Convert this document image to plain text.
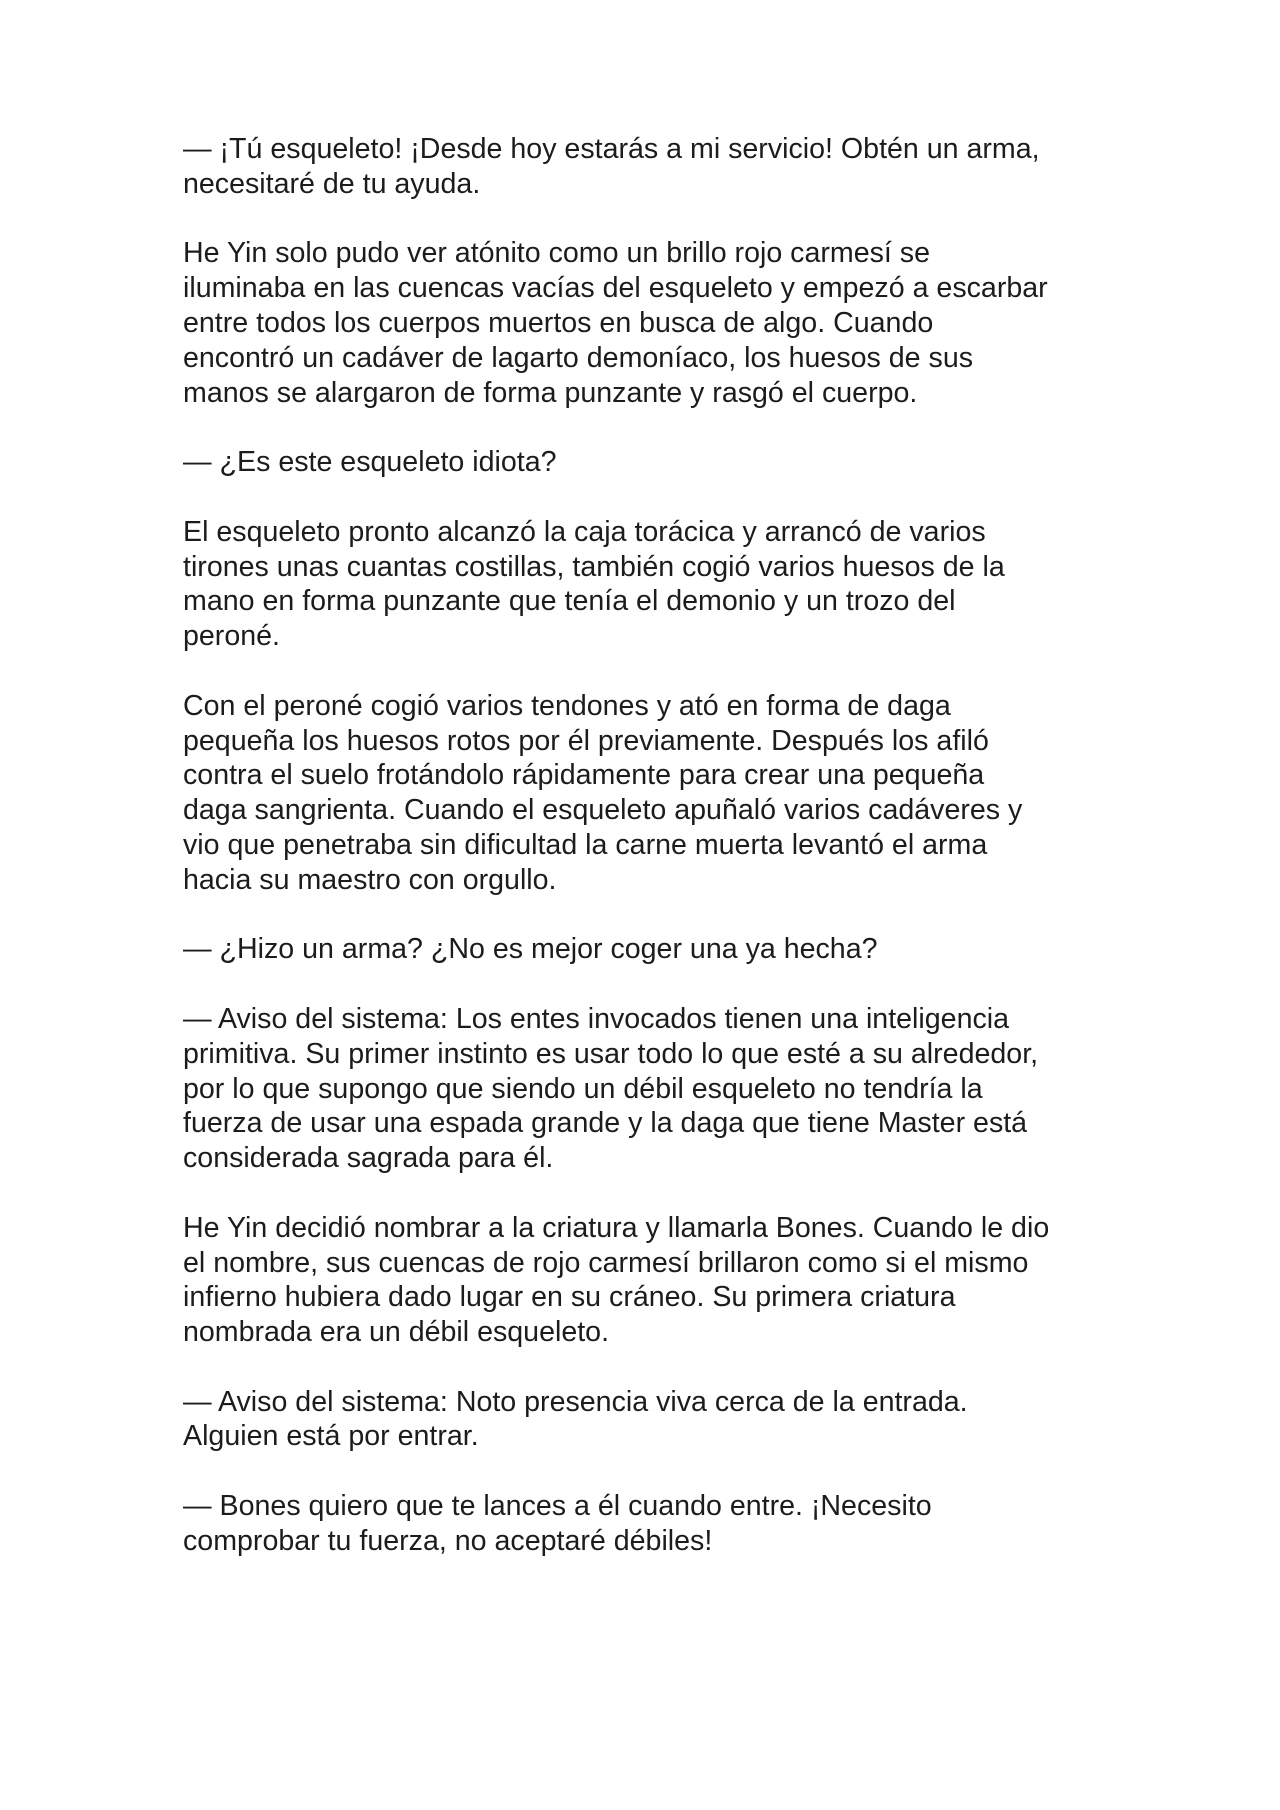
— ¡Tú esqueleto! ¡Desde hoy estarás a mi servicio! Obtén un arma,
necesitaré de tu ayuda.

He Yin solo pudo ver atónito como un brillo rojo carmesí se
iluminaba en las cuencas vacías del esqueleto y empezó a escarbar
entre todos los cuerpos muertos en busca de algo. Cuando
encontró un cadáver de lagarto demoníaco, los huesos de sus
manos se alargaron de forma punzante y rasgó el cuerpo.

— ¿Es este esqueleto idiota?

El esqueleto pronto alcanzó la caja torácica y arrancó de varios
tirones unas cuantas costillas, también cogió varios huesos de la
mano en forma punzante que tenía el demonio y un trozo del
peroné.

Con el peroné cogió varios tendones y ató en forma de daga
pequeña los huesos rotos por él previamente. Después los afiló
contra el suelo frotándolo rápidamente para crear una pequeña
daga sangrienta. Cuando el esqueleto apuñaló varios cadáveres y
vio que penetraba sin dificultad la carne muerta levantó el arma
hacia su maestro con orgullo.

— ¿Hizo un arma? ¿No es mejor coger una ya hecha?

— Aviso del sistema: Los entes invocados tienen una inteligencia
primitiva. Su primer instinto es usar todo lo que esté a su alrededor,
por lo que supongo que siendo un débil esqueleto no tendría la
fuerza de usar una espada grande y la daga que tiene Master está
considerada sagrada para él.

He Yin decidió nombrar a la criatura y llamarla Bones. Cuando le dio
el nombre, sus cuencas de rojo carmesí brillaron como si el mismo
infierno hubiera dado lugar en su cráneo. Su primera criatura
nombrada era un débil esqueleto.

— Aviso del sistema: Noto presencia viva cerca de la entrada.
Alguien está por entrar.

— Bones quiero que te lances a él cuando entre. ¡Necesito
comprobar tu fuerza, no aceptaré débiles!
